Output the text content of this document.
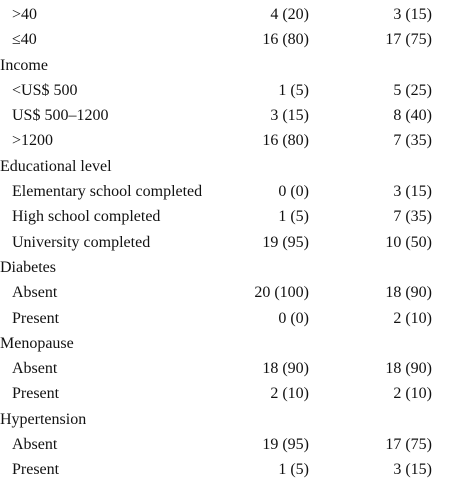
>40	4 (20)	3 (15)
≤40	16 (80)	17 (75)
Income
<US$ 500	1 (5)	5 (25)
US$ 500–1200	3 (15)	8 (40)
>1200	16 (80)	7 (35)
Educational level
Elementary school completed	0 (0)	3 (15)
High school completed	1 (5)	7 (35)
University completed	19 (95)	10 (50)
Diabetes
Absent	20 (100)	18 (90)
Present	0 (0)	2 (10)
Menopause
Absent	18 (90)	18 (90)
Present	2 (10)	2 (10)
Hypertension
Absent	19 (95)	17 (75)
Present	1 (5)	3 (15)
